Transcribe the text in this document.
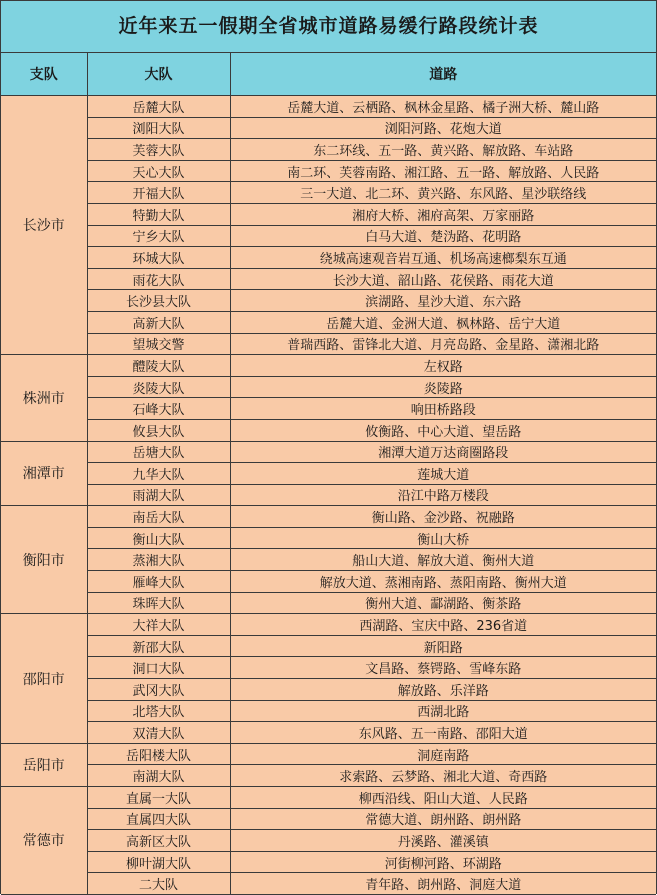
近年来五一假期全省城市道路易缓行路段统计表
支队	大队	道路
长沙市	岳麓大队	岳麓大道、云栖路、枫林金星路、橘子洲大桥、麓山路
	浏阳大队	浏阳河路、花炮大道
	芙蓉大队	东二环线、五一路、黄兴路、解放路、车站路
	天心大队	南二环、芙蓉南路、湘江路、五一路、解放路、人民路
	开福大队	三一大道、北二环、黄兴路、东风路、星沙联络线
	特勤大队	湘府大桥、湘府高架、万家丽路
	宁乡大队	白马大道、楚沩路、花明路
	环城大队	绕城高速观音岩互通、机场高速榔梨东互通
	雨花大队	长沙大道、韶山路、花侯路、雨花大道
	长沙县大队	滨湖路、星沙大道、东六路
	高新大队	岳麓大道、金洲大道、枫林路、岳宁大道
	望城交警	普瑞西路、雷锋北大道、月亮岛路、金星路、潇湘北路
株洲市	醴陵大队	左权路
	炎陵大队	炎陵路
	石峰大队	响田桥路段
	攸县大队	攸衡路、中心大道、望岳路
湘潭市	岳塘大队	湘潭大道万达商圈路段
	九华大队	莲城大道
	雨湖大队	沿江中路万楼段
衡阳市	南岳大队	衡山路、金沙路、祝融路
	衡山大队	衡山大桥
	蒸湘大队	船山大道、解放大道、衡州大道
	雁峰大队	解放大道、蒸湘南路、蒸阳南路、衡州大道
	珠晖大队	衡州大道、酃湖路、衡茶路
邵阳市	大祥大队	西湖路、宝庆中路、236省道
	新邵大队	新阳路
	洞口大队	文昌路、蔡锷路、雪峰东路
	武冈大队	解放路、乐洋路
	北塔大队	西湖北路
	双清大队	东风路、五一南路、邵阳大道
岳阳市	岳阳楼大队	洞庭南路
	南湖大队	求索路、云梦路、湘北大道、奇西路
常德市	直属一大队	柳西沿线、阳山大道、人民路
	直属四大队	常德大道、朗州路、朗州路
	高新区大队	丹溪路、灌溪镇
	柳叶湖大队	河街柳河路、环湖路
	二大队	青年路、朗州路、洞庭大道
